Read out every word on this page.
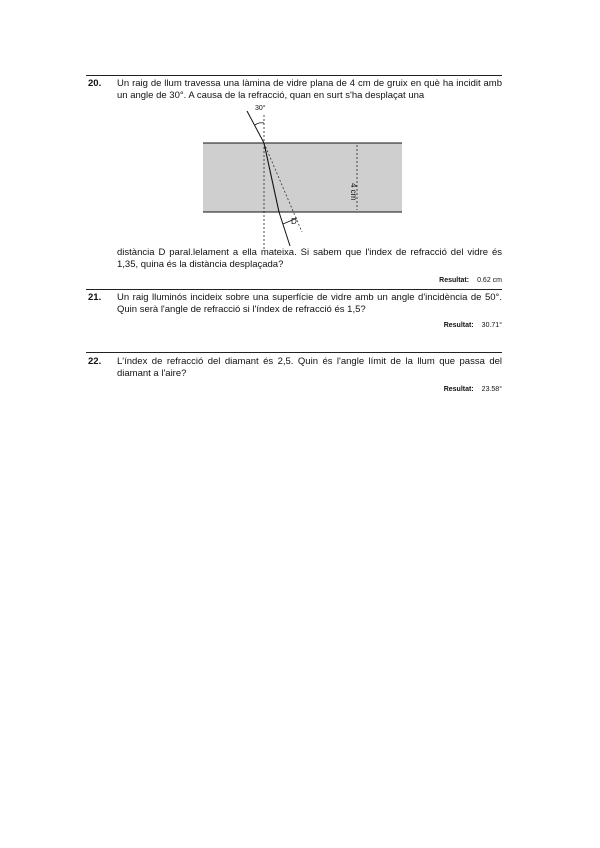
20. Un raig de llum travessa una làmina de vidre plana de 4 cm de gruix en què ha incidit amb un angle de 30°. A causa de la refracció, quan en surt s'ha desplaçat una
D
30°
4 cm
distància D paral.lelament a ella mateixa. Si sabem que l'index de refracció del vidre és 1,35, quina és la distància desplaçada?
Resultat: 0.62 cm
21. Un raig lluminós incideix sobre una superfície de vidre amb un angle d'incidència de 50°. Quin serà l'angle de refracció si l'índex de refracció és 1,5?
Resultat: 30.71°
22. L'índex de refracció del diamant és 2,5. Quin és l'angle límit de la llum que passa del diamant a l'aire?
Resultat: 23.58°
